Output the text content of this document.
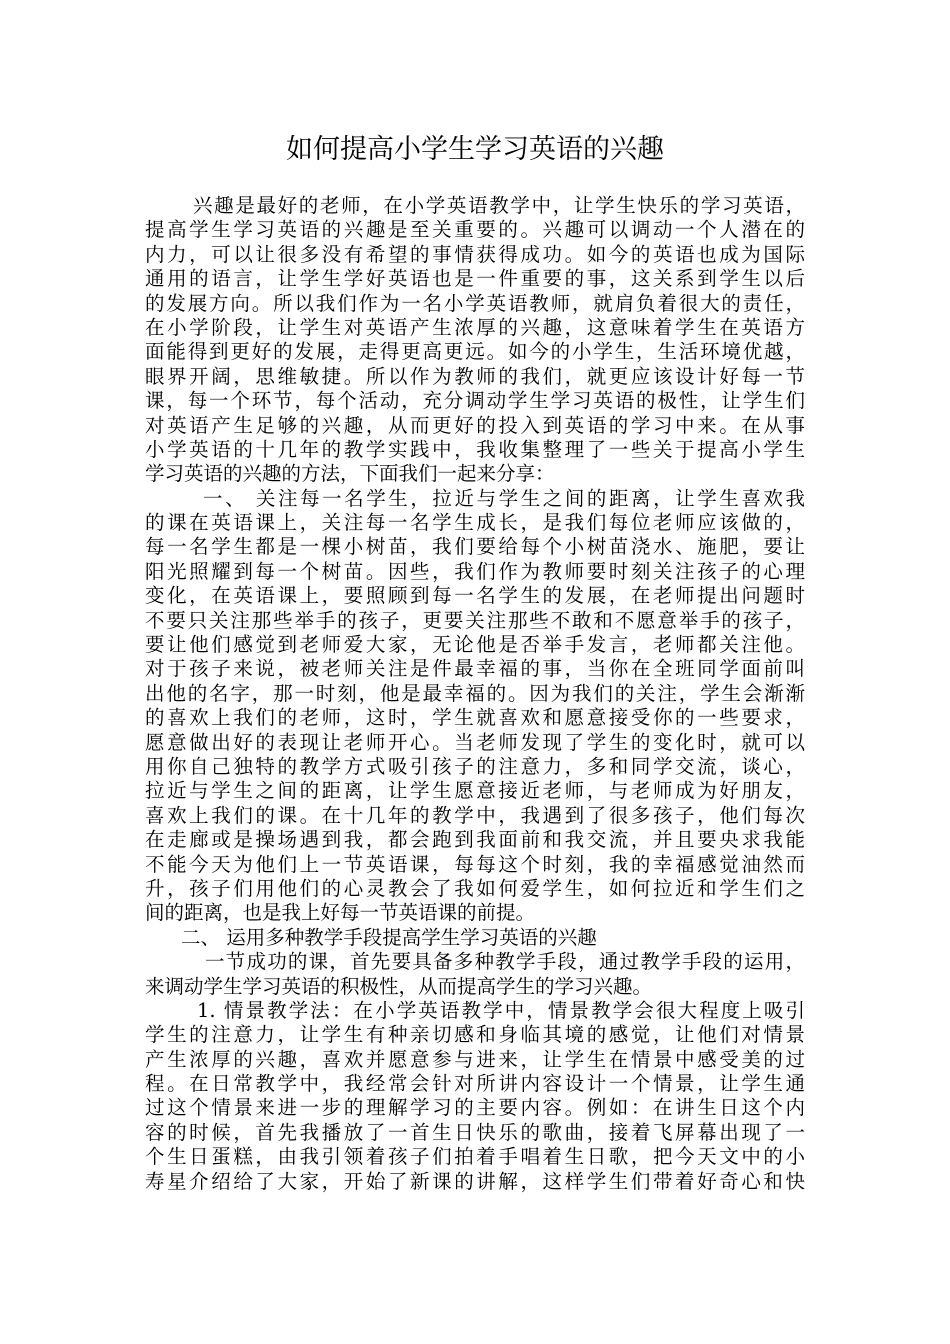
如何提高小学生学习英语的兴趣
兴趣是最好的老师，在小学英语教学中，让学生快乐的学习英语，
提高学生学习英语的兴趣是至关重要的。兴趣可以调动一个人潜在的
内力，可以让很多没有希望的事情获得成功。如今的英语也成为国际
通用的语言，让学生学好英语也是一件重要的事，这关系到学生以后
的发展方向。所以我们作为一名小学英语教师，就肩负着很大的责任，
在小学阶段，让学生对英语产生浓厚的兴趣，这意味着学生在英语方
面能得到更好的发展，走得更高更远。如今的小学生，生活环境优越，
眼界开阔，思维敏捷。所以作为教师的我们，就更应该设计好每一节
课，每一个环节，每个活动，充分调动学生学习英语的极性，让学生们
对英语产生足够的兴趣，从而更好的投入到英语的学习中来。在从事
小学英语的十几年的教学实践中，我收集整理了一些关于提高小学生
学习英语的兴趣的方法，下面我们一起来分享：
一、 关注每一名学生，拉近与学生之间的距离，让学生喜欢我
的课在英语课上，关注每一名学生成长，是我们每位老师应该做的，
每一名学生都是一棵小树苗，我们要给每个小树苗浇水、施肥，要让
阳光照耀到每一个树苗。因些，我们作为教师要时刻关注孩子的心理
变化，在英语课上，要照顾到每一名学生的发展，在老师提出问题时
不要只关注那些举手的孩子，更要关注那些不敢和不愿意举手的孩子，
要让他们感觉到老师爱大家，无论他是否举手发言，老师都关注他。
对于孩子来说，被老师关注是件最幸福的事，当你在全班同学面前叫
出他的名字，那一时刻，他是最幸福的。因为我们的关注，学生会渐渐
的喜欢上我们的老师，这时，学生就喜欢和愿意接受你的一些要求，
愿意做出好的表现让老师开心。当老师发现了学生的变化时，就可以
用你自己独特的教学方式吸引孩子的注意力，多和同学交流，谈心，
拉近与学生之间的距离，让学生愿意接近老师，与老师成为好朋友，
喜欢上我们的课。在十几年的教学中，我遇到了很多孩子，他们每次
在走廊或是操场遇到我，都会跑到我面前和我交流，并且要央求我能
不能今天为他们上一节英语课，每每这个时刻，我的幸福感觉油然而
升，孩子们用他们的心灵教会了我如何爱学生，如何拉近和学生们之
间的距离，也是我上好每一节英语课的前提。
二、 运用多种教学手段提高学生学习英语的兴趣
一节成功的课，首先要具备多种教学手段，通过教学手段的运用，
来调动学生学习英语的积极性，从而提高学生的学习兴趣。
1. 情景教学法：在小学英语教学中，情景教学会很大程度上吸引
学生的注意力，让学生有种亲切感和身临其境的感觉，让他们对情景
产生浓厚的兴趣，喜欢并愿意参与进来，让学生在情景中感受美的过
程。在日常教学中，我经常会针对所讲内容设计一个情景，让学生通
过这个情景来进一步的理解学习的主要内容。例如：在讲生日这个内
容的时候，首先我播放了一首生日快乐的歌曲，接着飞屏幕出现了一
个生日蛋糕，由我引领着孩子们拍着手唱着生日歌，把今天文中的小
寿星介绍给了大家，开始了新课的讲解，这样学生们带着好奇心和快
